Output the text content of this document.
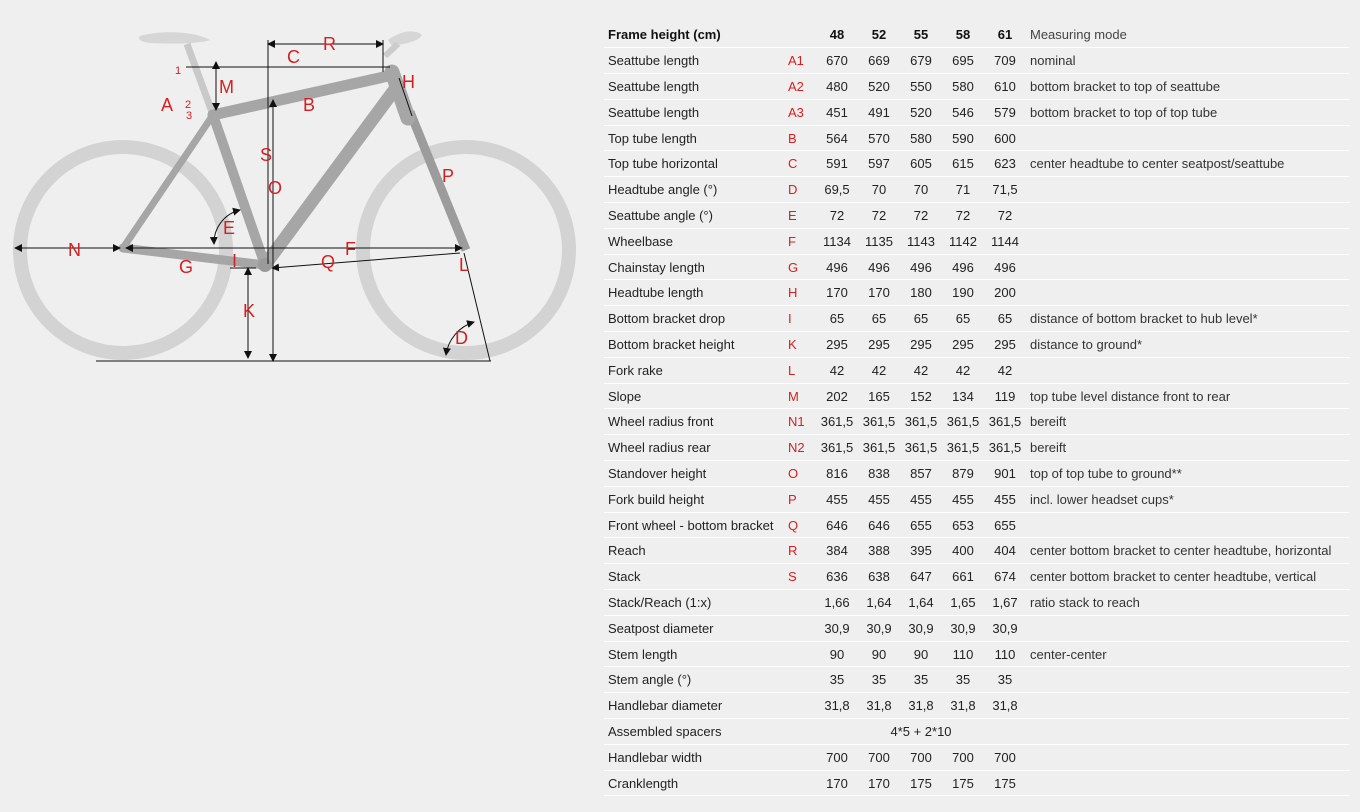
A
1
2
3
M
C
R
H
B
S
O
P
E
N	F
G I	Q	L
K
D
Frame height (cm)		48	52	55	58	61	Measuring mode
Seattube length	A1	670	669	679	695	709	nominal
Seattube length	A2	480	520	550	580	610	bottom bracket to top of seattube
Seattube length	A3	451	491	520	546	579	bottom bracket to top of top tube
Top tube length	B	564	570	580	590	600	
Top tube horizontal	C	591	597	605	615	623	center headtube to center seatpost/seattube
Headtube angle (°)	D	69,5	70	70	71	71,5	
Seattube angle (°)	E	72	72	72	72	72	
Wheelbase	F	1134	1135	1143	1142	1144	
Chainstay length	G	496	496	496	496	496	
Headtube length	H	170	170	180	190	200	
Bottom bracket drop	I	65	65	65	65	65	distance of bottom bracket to hub level*
Bottom bracket height	K	295	295	295	295	295	distance to ground*
Fork rake	L	42	42	42	42	42	
Slope	M	202	165	152	134	119	top tube level distance front to rear
Wheel radius front	N1	361,5	361,5	361,5	361,5	361,5	bereift
Wheel radius rear	N2	361,5	361,5	361,5	361,5	361,5	bereift
Standover height	O	816	838	857	879	901	top of top tube to ground**
Fork build height	P	455	455	455	455	455	incl. lower headset cups*
Front wheel - bottom bracket	Q	646	646	655	653	655	
Reach	R	384	388	395	400	404	center bottom bracket to center headtube, horizontal
Stack	S	636	638	647	661	674	center bottom bracket to center headtube, vertical
Stack/Reach (1:x)		1,66	1,64	1,64	1,65	1,67	ratio stack to reach
Seatpost diameter		30,9	30,9	30,9	30,9	30,9	
Stem length		90	90	90	110	110	center-center
Stem angle (°)		35	35	35	35	35	
Handlebar diameter		31,8	31,8	31,8	31,8	31,8	
Assembled spacers		4*5 + 2*10					
Handlebar width		700	700	700	700	700	
Cranklength		170	170	175	175	175	
